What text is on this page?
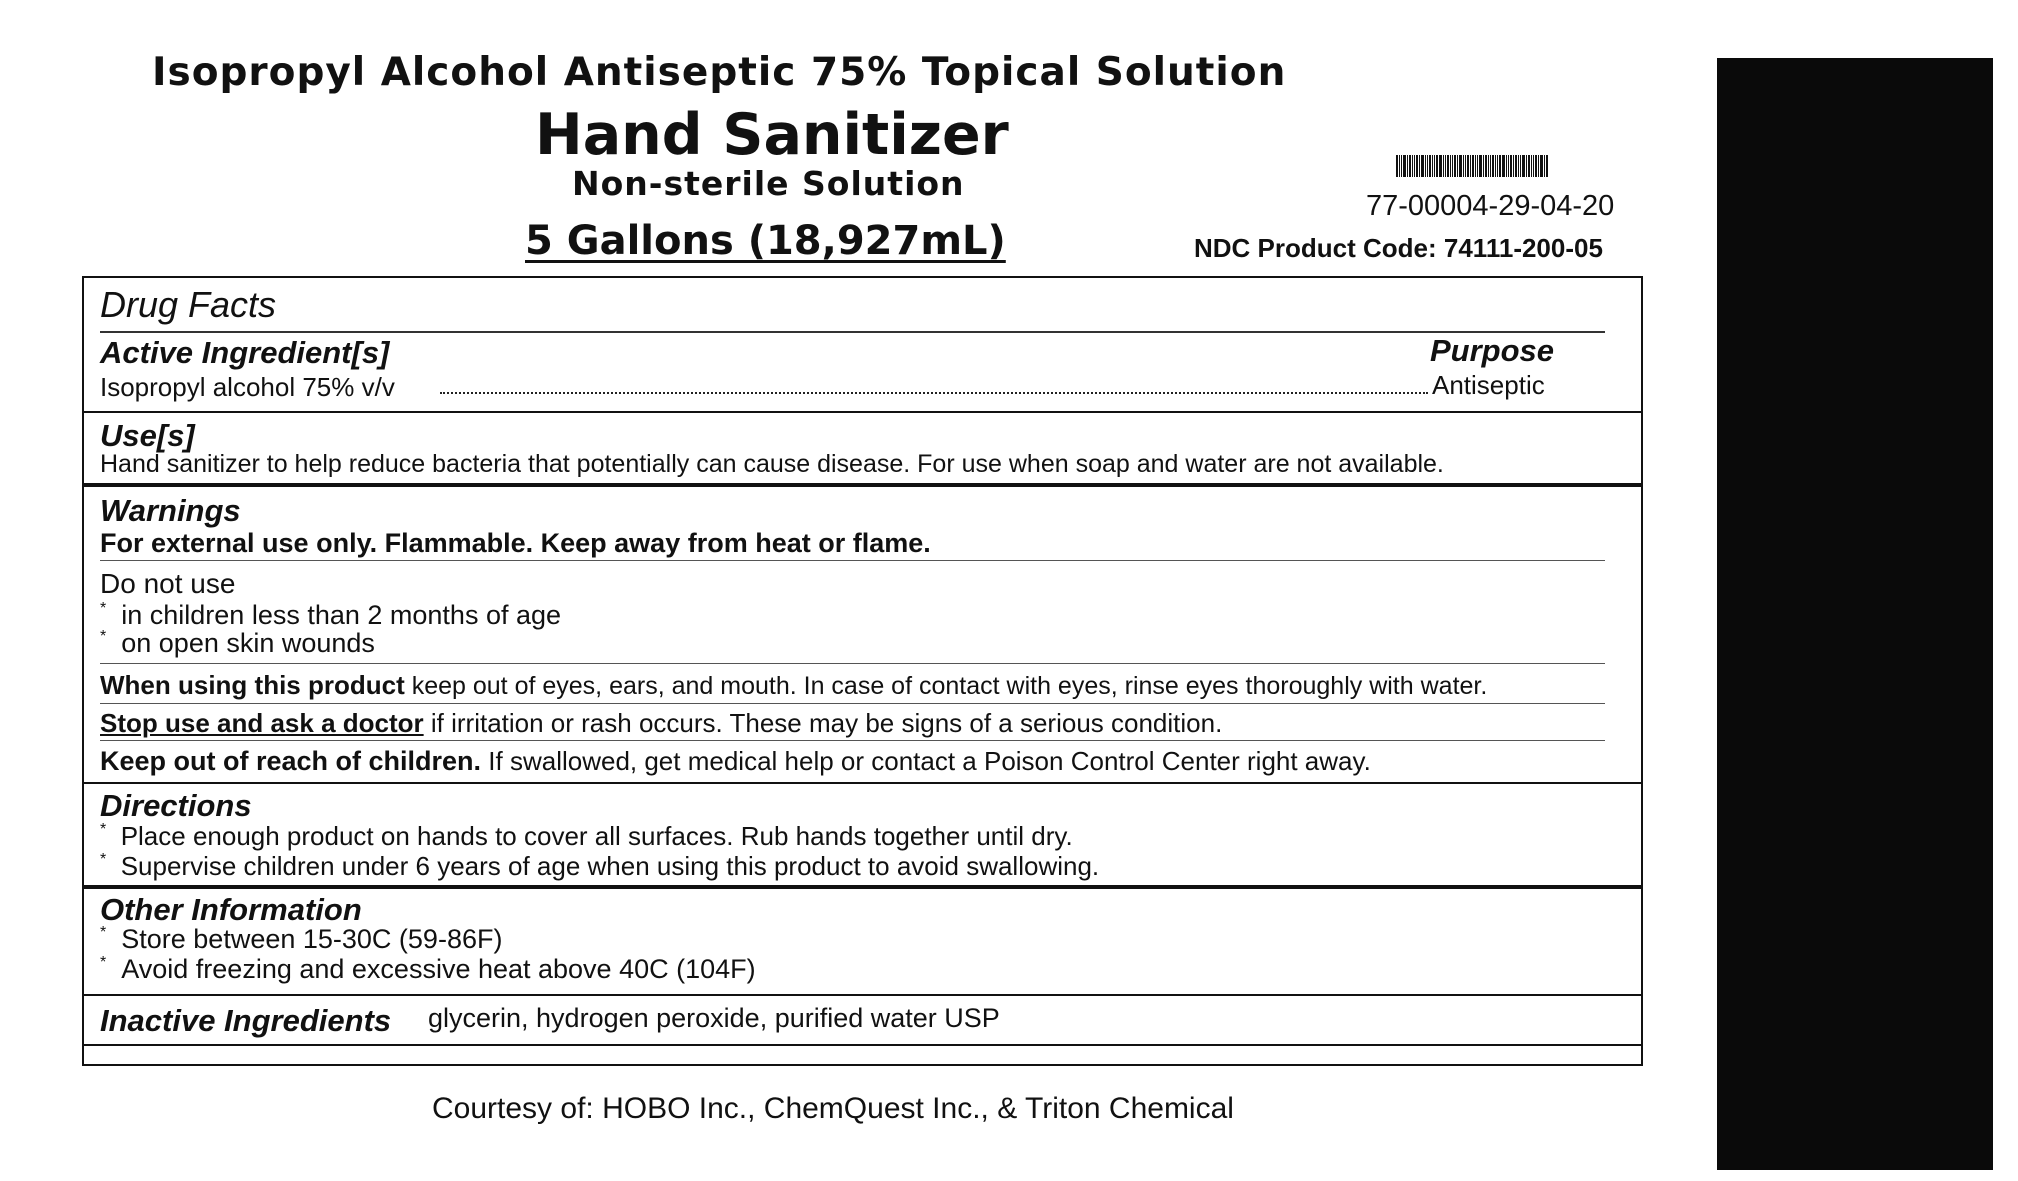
Isopropyl Alcohol Antiseptic 75% Topical Solution
Hand Sanitizer
Non-sterile Solution
5 Gallons (18,927mL)
77-00004-29-04-20
NDC Product Code: 74111-200-05
Drug Facts
Active Ingredient[s]	Purpose
Isopropyl alcohol 75% v/v	Antiseptic
Use[s]
Hand sanitizer to help reduce bacteria that potentially can cause disease. For use when soap and water are not available.
Warnings
For external use only. Flammable. Keep away from heat or flame.
Do not use
* in children less than 2 months of age
* on open skin wounds
When using this product keep out of eyes, ears, and mouth. In case of contact with eyes, rinse eyes thoroughly with water.
Stop use and ask a doctor if irritation or rash occurs. These may be signs of a serious condition.
Keep out of reach of children. If swallowed, get medical help or contact a Poison Control Center right away.
Directions
* Place enough product on hands to cover all surfaces. Rub hands together until dry.
* Supervise children under 6 years of age when using this product to avoid swallowing.
Other Information
* Store between 15-30C (59-86F)
* Avoid freezing and excessive heat above 40C (104F)
Inactive Ingredients glycerin, hydrogen peroxide, purified water USP
Courtesy of: HOBO Inc., ChemQuest Inc., & Triton Chemical
